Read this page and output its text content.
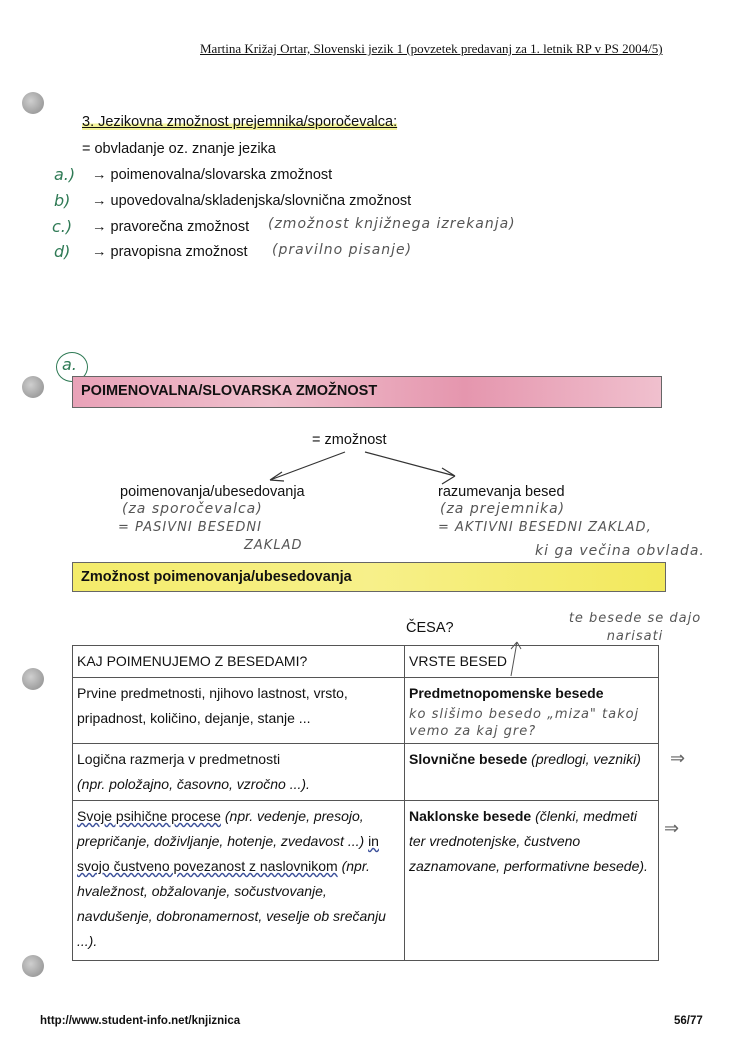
Martina Križaj Ortar, Slovenski jezik 1 (povzetek predavanj za 1. letnik RP v PS 2004/5)
3. Jezikovna zmožnost prejemnika/sporočevalca:
= obvladanje oz. znanje jezika
a.) → poimenovalna/slovarska zmožnost
b) → upovedovalna/skladenjska/slovnična zmožnost
c.) → pravorečna zmožnost (zmožnost knjižnega izrekanja)
d) → pravopisna zmožnost (pravilno pisanje)
a.
POIMENOVALNA/SLOVARSKA ZMOŽNOST
= zmožnost
poimenovanja/ubesedovanja
(za sporočevalca)
= PASIVNI BESEDNI
ZAKLAD
razumevanja besed
(za prejemnika)
= AKTIVNI BESEDNI ZAKLAD,
ki ga večina obvlada.
Zmožnost poimenovanja/ubesedovanja
ČESA?
te besede se dajo narisati
KAJ POIMENUJEMO Z BESEDAMI?	VRSTE BESED
Prvine predmetnosti, njihovo lastnost, vrsto, pripadnost, količino, dejanje, stanje ...	Predmetnopomenske besede
ko slišimo besedo „miza" takoj vemo za kaj gre?

Logična razmerja v predmetnosti
(npr. položajno, časovno, vzročno ...).	Slovnične besede (predlogi, vezniki)
Svoje psihične procese (npr. vedenje, presojo, prepričanje, doživljanje, hotenje, zvedavost ...) in svojo čustveno povezanost z naslovnikom (npr. hvaležnost, obžalovanje, sočustvovanje, navdušenje, dobronamernost, veselje ob srečanju ...).	Naklonske besede (členki, medmeti ter vrednotenjske, čustveno zaznamovane, performativne besede).
⇒
⇒
http://www.student-info.net/knjiznica	56/77
